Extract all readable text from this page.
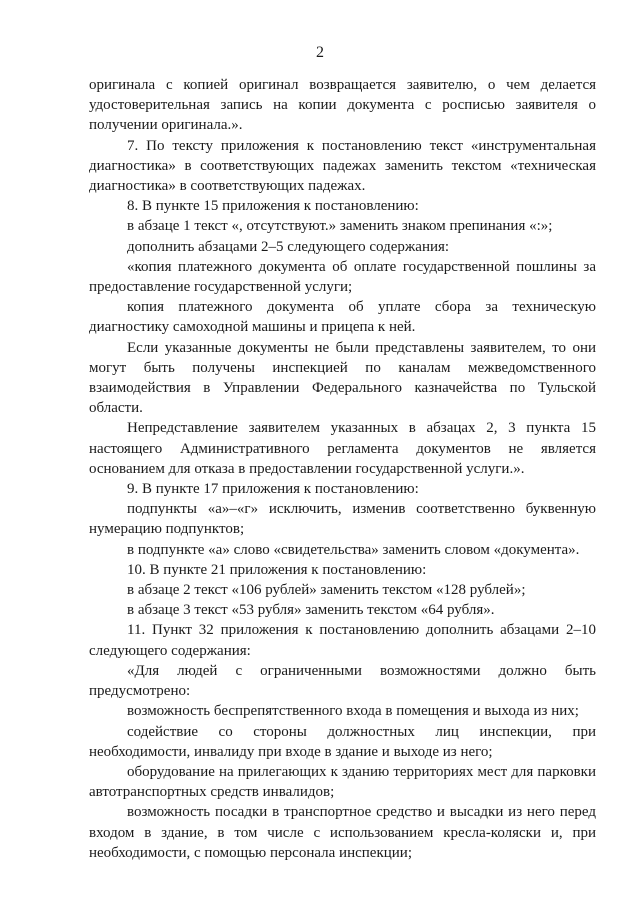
2

оригинала с копией оригинал возвращается заявителю, о чем делается удостоверительная запись на копии документа с росписью заявителя о получении оригинала.».

7. По тексту приложения к постановлению текст «инструментальная диагностика» в соответствующих падежах заменить текстом «техническая диагностика» в соответствующих падежах.

8. В пункте 15 приложения к постановлению:

в абзаце 1 текст «, отсутствуют.» заменить знаком препинания «:»;

дополнить абзацами 2–5 следующего содержания:

«копия платежного документа об оплате государственной пошлины за предоставление государственной услуги;

копия платежного документа об уплате сбора за техническую диагностику самоходной машины и прицепа к ней.

Если указанные документы не были представлены заявителем, то они могут быть получены инспекцией по каналам межведомственного взаимодействия в Управлении Федерального казначейства по Тульской области.

Непредставление заявителем указанных в абзацах 2, 3 пункта 15 настоящего Административного регламента документов не является основанием для отказа в предоставлении государственной услуги.».

9. В пункте 17 приложения к постановлению:

подпункты «а»–«г» исключить, изменив соответственно буквенную нумерацию подпунктов;

в подпункте «а» слово «свидетельства» заменить словом «документа».

10. В пункте 21 приложения к постановлению:

в абзаце 2 текст «106 рублей» заменить текстом «128 рублей»;

в абзаце 3 текст «53 рубля» заменить текстом «64 рубля».

11. Пункт 32 приложения к постановлению дополнить абзацами 2–10 следующего содержания:

«Для людей с ограниченными возможностями должно быть предусмотрено:

возможность беспрепятственного входа в помещения и выхода из них;

содействие со стороны должностных лиц инспекции, при необходимости, инвалиду при входе в здание и выходе из него;

оборудование на прилегающих к зданию территориях мест для парковки автотранспортных средств инвалидов;

возможность посадки в транспортное средство и высадки из него перед входом в здание, в том числе с использованием кресла-коляски и, при необходимости, с помощью персонала инспекции;
